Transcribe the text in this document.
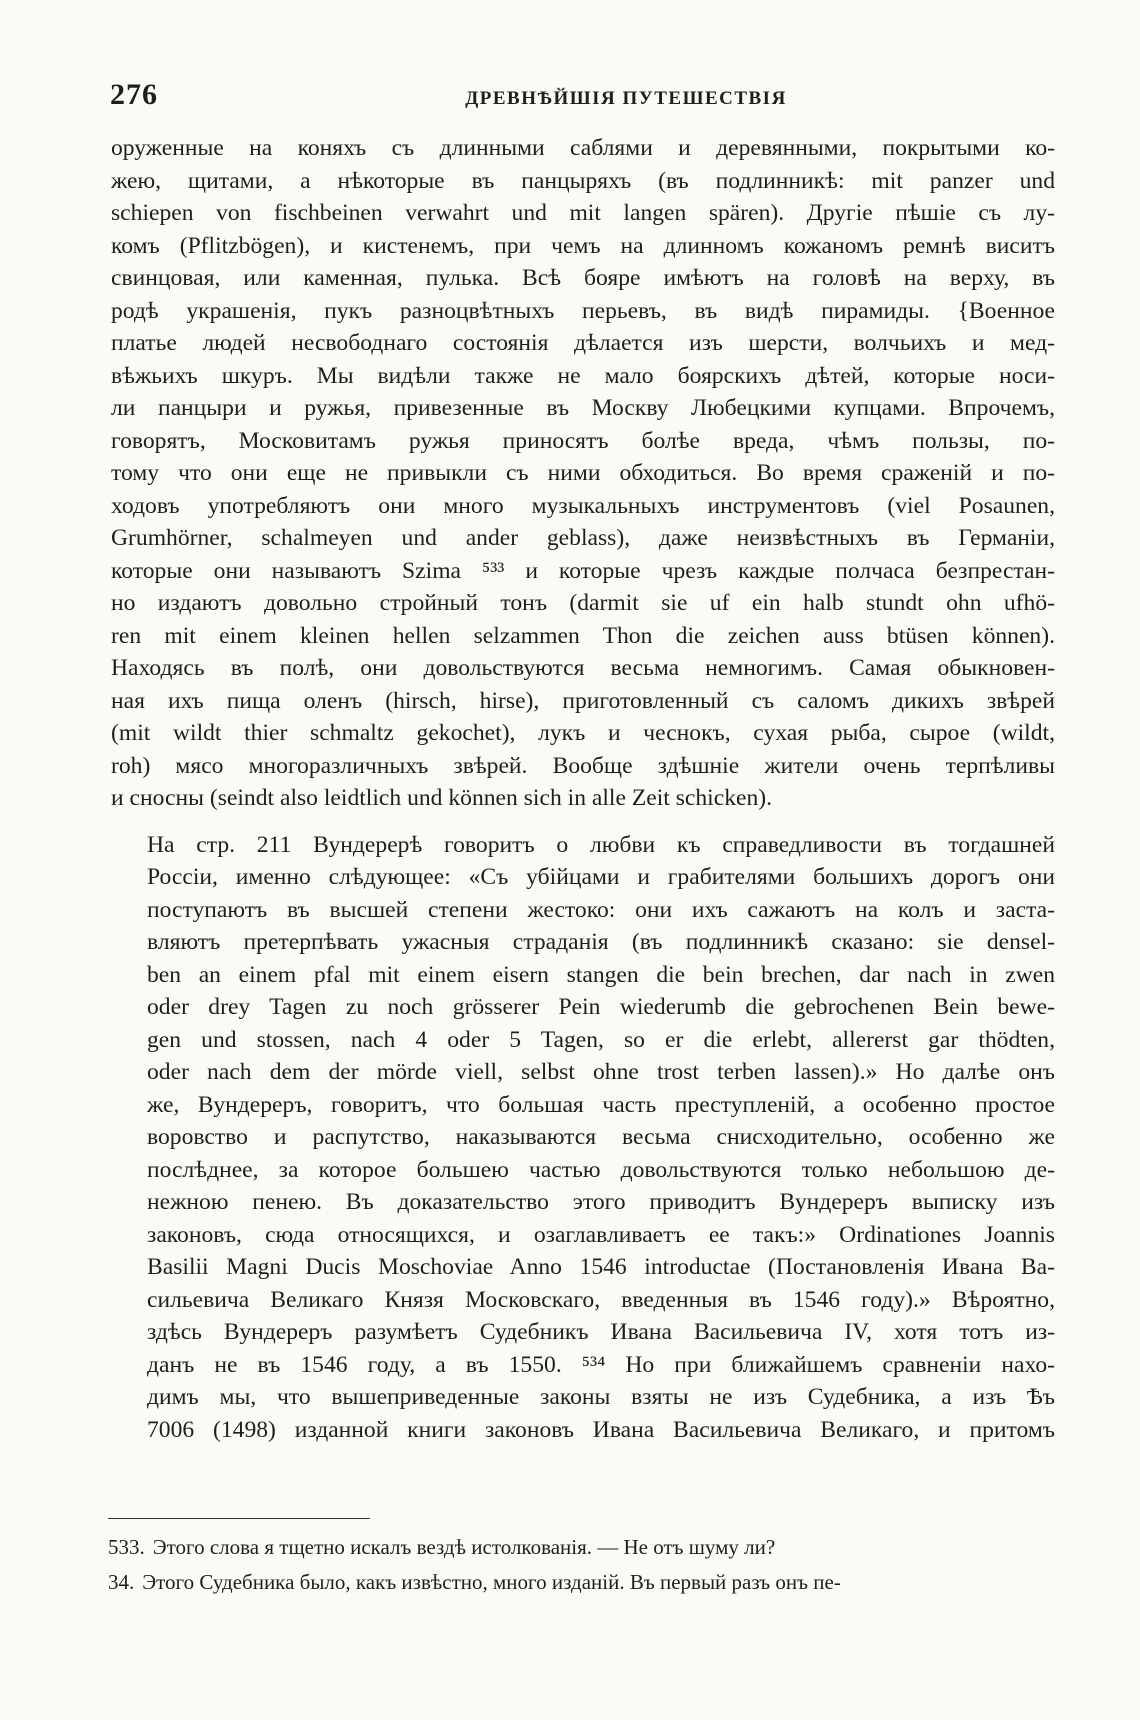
276	ДРЕВНѢЙШІЯ ПУТЕШЕСТВІЯ

оруженные на коняхъ съ длинными саблями и деревянными, покрытыми ко-
жею, щитами, а нѣкоторые въ панцыряхъ (въ подлинникѣ: mit panzer und
schiepen von fischbeinen verwahrt und mit langen spären). Другіе пѣшіе съ лу-
комъ (Pflitzbögen), и кистенемъ, при чемъ на длинномъ кожаномъ ремнѣ виситъ
свинцовая, или каменная, пулька. Всѣ бояре имѣютъ на головѣ на верху, въ
родѣ украшенія, пукъ разноцвѣтныхъ перьевъ, въ видѣ пирамиды. {Военное
платье людей несвободнаго состоянія дѣлается изъ шерсти, волчьихъ и мед-
вѣжьихъ шкуръ. Мы видѣли также не мало боярскихъ дѣтей, которые носи-
ли панцыри и ружья, привезенные въ Москву Любецкими купцами. Впрочемъ,
говорятъ, Московитамъ ружья приносятъ болѣе вреда, чѣмъ пользы, по-
тому что они еще не привыкли съ ними обходиться. Во время сраженій и по-
ходовъ употребляютъ они много музыкальныхъ инструментовъ (viel Posaunen,
Grumhörner, schalmeyen und ander geblass), даже неизвѣстныхъ въ Германіи,
которые они называютъ Szima ⁵³³ и которые чрезъ каждые полчаса безпрестан-
но издаютъ довольно стройный тонъ (darmit sie uf ein halb stundt ohn ufhö-
ren mit einem kleinen hellen selzammen Thon die zeichen auss btüsen können).
Находясь въ полѣ, они довольствуются весьма немногимъ. Самая обыкновен-
ная ихъ пища оленъ (hirsch, hirse), приготовленный съ саломъ дикихъ звѣрей
(mit wildt thier schmaltz gekochet), лукъ и чеснокъ, сухая рыба, сырое (wildt,
roh) мясо многоразличныхъ звѣрей. Вообще здѣшніе жители очень терпѣливы
и сносны (seindt also leidtlich und können sich in alle Zeit schicken).

На стр. 211 Вундерерѣ говоритъ о любви къ справедливости въ тогдашней
Россіи, именно слѣдующее: «Съ убійцами и грабителями большихъ дорогъ они
поступаютъ въ высшей степени жестоко: они ихъ сажаютъ на колъ и заста-
вляютъ претерпѣвать ужасныя страданія (въ подлинникѣ сказано: sie densel-
ben an einem pfal mit einem eisern stangen die bein brechen, dar nach in zwen
oder drey Tagen zu noch grösserer Pein wiederumb die gebrochenen Bein bewe-
gen und stossen, nach 4 oder 5 Tagen, so er die erlebt, allererst gar thödten,
oder nach dem der mörde viell, selbst ohne trost terben lassen).» Но далѣе онъ
же, Вундереръ, говоритъ, что большая часть преступленій, а особенно простое
воровство и распутство, наказываются весьма снисходительно, особенно же
послѣднее, за которое большею частью довольствуются только небольшою де-
нежною пенею. Въ доказательство этого приводитъ Вундереръ выписку изъ
законовъ, сюда относящихся, и озаглавливаетъ ее такъ:» Ordinationes Joannis
Basilii Magni Ducis Moschoviae Anno 1546 introductae (Постановленія Ивана Ва-
сильевича Великаго Князя Московскаго, введенныя въ 1546 году).» Вѣроятно,
здѣсь Вундереръ разумѣетъ Судебникъ Ивана Васильевича IV, хотя тотъ из-
данъ не въ 1546 году, а въ 1550. ⁵³⁴ Но при ближайшемъ сравненіи нахо-
димъ мы, что вышеприведенные законы взяты не изъ Судебника, а изъ Ѣъ
7006 (1498) изданной книги законовъ Ивана Васильевича Великаго, и притомъ

533. Этого слова я тщетно искалъ вездѣ истолкованія. — Не отъ шуму ли?
34. Этого Судебника было, какъ извѣстно, много изданій. Въ первый разъ онъ пе-
